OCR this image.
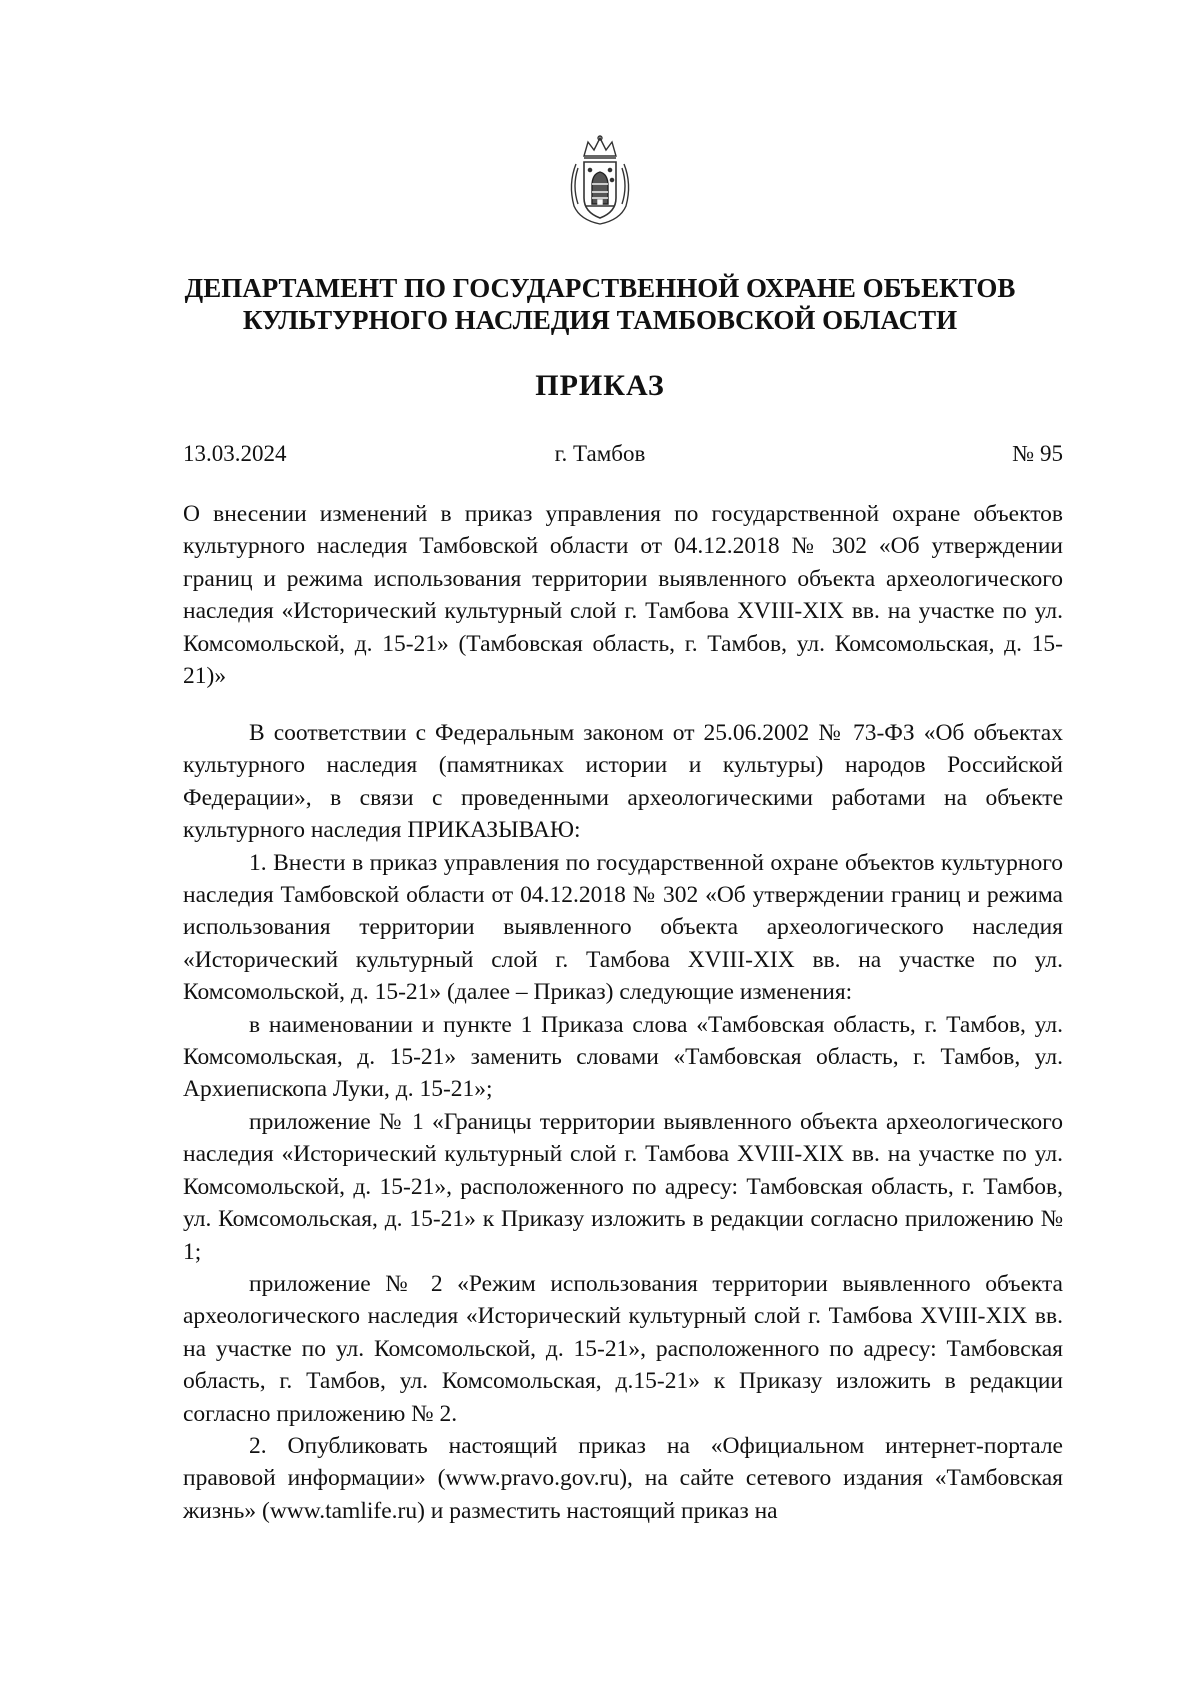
ДЕПАРТАМЕНТ ПО ГОСУДАРСТВЕННОЙ ОХРАНЕ ОБЪЕКТОВ
КУЛЬТУРНОГО НАСЛЕДИЯ ТАМБОВСКОЙ ОБЛАСТИ
ПРИКАЗ
13.03.2024	г. Тамбов	№ 95

О внесении изменений в приказ управления по государственной охране объектов культурного наследия Тамбовской области от 04.12.2018 № 302 «Об утверждении границ и режима использования территории выявленного объекта археологического наследия «Исторический культурный слой г. Тамбова XVIII-XIX вв. на участке по ул. Комсомольской, д. 15-21» (Тамбовская область, г. Тамбов, ул. Комсомольская, д. 15-21)»

В соответствии с Федеральным законом от 25.06.2002 № 73-ФЗ «Об объектах культурного наследия (памятниках истории и культуры) народов Российской Федерации», в связи с проведенными археологическими работами на объекте культурного наследия ПРИКАЗЫВАЮ:

1. Внести в приказ управления по государственной охране объектов культурного наследия Тамбовской области от 04.12.2018 № 302 «Об утверждении границ и режима использования территории выявленного объекта археологического наследия «Исторический культурный слой г. Тамбова XVIII-XIX вв. на участке по ул. Комсомольской, д. 15-21» (далее – Приказ) следующие изменения:

в наименовании и пункте 1 Приказа слова «Тамбовская область, г. Тамбов, ул. Комсомольская, д. 15-21» заменить словами «Тамбовская область, г. Тамбов, ул. Архиепископа Луки, д. 15-21»;

приложение № 1 «Границы территории выявленного объекта археологического наследия «Исторический культурный слой г. Тамбова XVIII-XIX вв. на участке по ул. Комсомольской, д. 15-21», расположенного по адресу: Тамбовская область, г. Тамбов, ул. Комсомольская, д. 15-21» к Приказу изложить в редакции согласно приложению № 1;

приложение № 2 «Режим использования территории выявленного объекта археологического наследия «Исторический культурный слой г. Тамбова XVIII-XIX вв. на участке по ул. Комсомольской, д. 15-21», расположенного по адресу: Тамбовская область, г. Тамбов, ул. Комсомольская, д.15-21» к Приказу изложить в редакции согласно приложению № 2.

2. Опубликовать настоящий приказ на «Официальном интернет-портале правовой информации» (www.pravo.gov.ru), на сайте сетевого издания «Тамбовская жизнь» (www.tamlife.ru) и разместить настоящий приказ на
